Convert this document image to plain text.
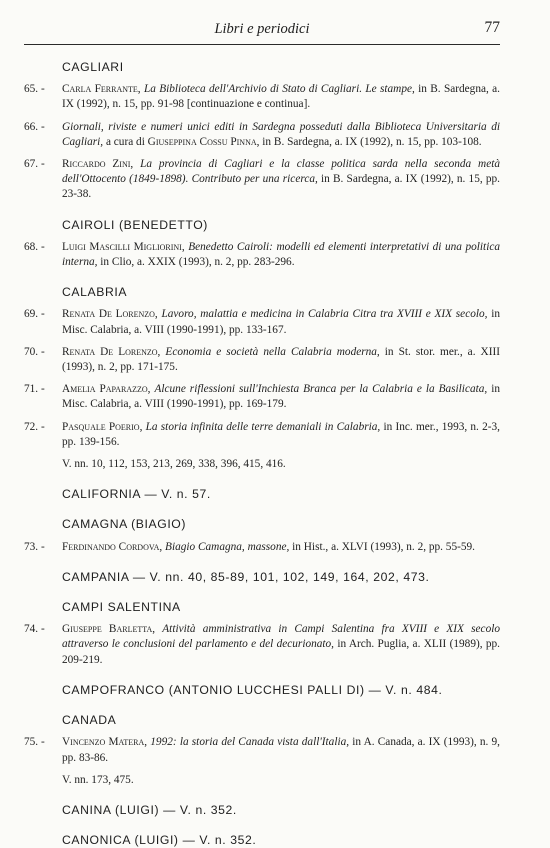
Libri e periodici	77
CAGLIARI
65. -	Carla Ferrante, La Biblioteca dell'Archivio di Stato di Cagliari. Le stampe, in B. Sardegna, a. IX (1992), n. 15, pp. 91-98 [continuazione e continua].
66. -	Giornali, riviste e numeri unici editi in Sardegna posseduti dalla Biblioteca Universitaria di Cagliari, a cura di Giuseppina Cossu Pinna, in B. Sardegna, a. IX (1992), n. 15, pp. 103-108.
67. -	Riccardo Zini, La provincia di Cagliari e la classe politica sarda nella seconda metà dell'Ottocento (1849-1898). Contributo per una ricerca, in B. Sardegna, a. IX (1992), n. 15, pp. 23-38.
CAIROLI (BENEDETTO)
68. -	Luigi Mascilli Migliorini, Benedetto Cairoli: modelli ed elementi interpretativi di una politica interna, in Clio, a. XXIX (1993), n. 2, pp. 283-296.
CALABRIA
69. -	Renata De Lorenzo, Lavoro, malattia e medicina in Calabria Citra tra XVIII e XIX secolo, in Misc. Calabria, a. VIII (1990-1991), pp. 133-167.
70. -	Renata De Lorenzo, Economia e società nella Calabria moderna, in St. stor. mer., a. XIII (1993), n. 2, pp. 171-175.
71. -	Amelia Paparazzo, Alcune riflessioni sull'Inchiesta Branca per la Calabria e la Basilicata, in Misc. Calabria, a. VIII (1990-1991), pp. 169-179.
72. -	Pasquale Poerio, La storia infinita delle terre demaniali in Calabria, in Inc. mer., 1993, n. 2-3, pp. 139-156.
V. nn. 10, 112, 153, 213, 269, 338, 396, 415, 416.
CALIFORNIA — V. n. 57.
CAMAGNA (BIAGIO)
73. -	Ferdinando Cordova, Biagio Camagna, massone, in Hist., a. XLVI (1993), n. 2, pp. 55-59.
CAMPANIA — V. nn. 40, 85-89, 101, 102, 149, 164, 202, 473.
CAMPI SALENTINA
74. -	Giuseppe Barletta, Attività amministrativa in Campi Salentina fra XVIII e XIX secolo attraverso le conclusioni del parlamento e del decurionato, in Arch. Puglia, a. XLII (1989), pp. 209-219.
CAMPOFRANCO (ANTONIO LUCCHESI PALLI DI) — V. n. 484.
CANADA
75. -	Vincenzo Matera, 1992: la storia del Canada vista dall'Italia, in A. Canada, a. IX (1993), n. 9, pp. 83-86.
V. nn. 173, 475.
CANINA (LUIGI) — V. n. 352.
CANONICA (LUIGI) — V. n. 352.
